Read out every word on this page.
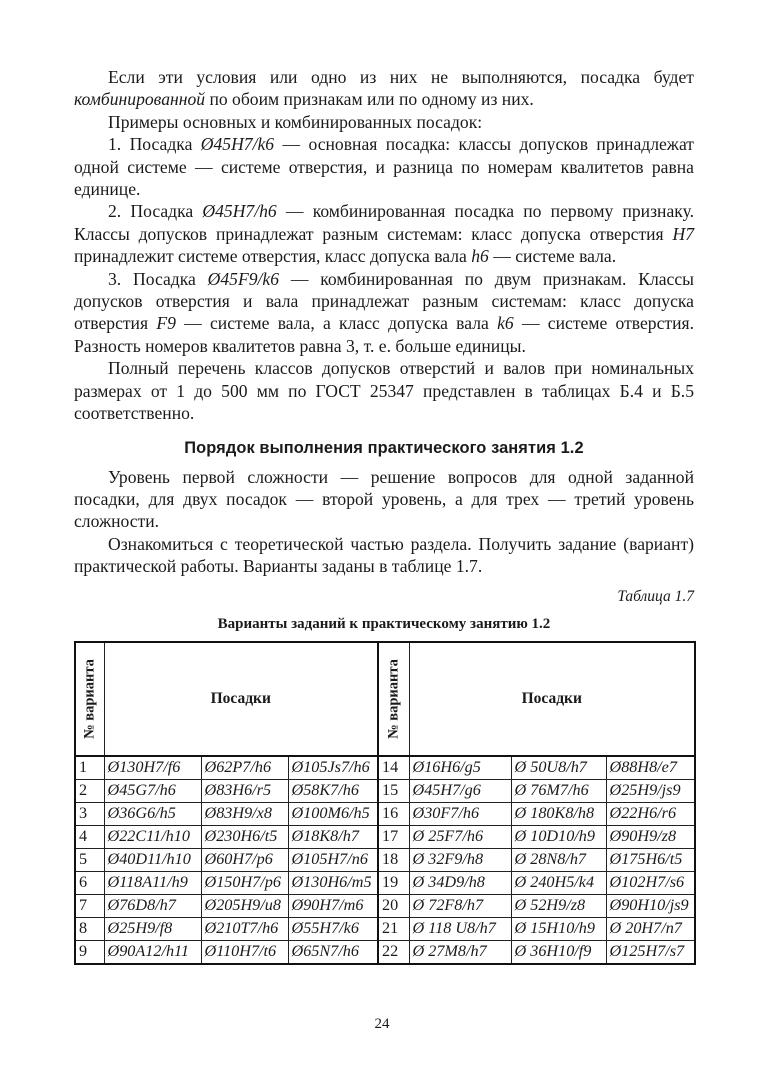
Если эти условия или одно из них не выполняются, посадка будет комбинированной по обоим признакам или по одному из них.

Примеры основных и комбинированных посадок:

1. Посадка Ø45H7/k6 — основная посадка: классы допусков принадлежат одной системе — системе отверстия, и разница по номерам квалитетов равна единице.

2. Посадка Ø45H7/h6 — комбинированная посадка по первому признаку. Классы допусков принадлежат разным системам: класс допуска отверстия H7 принадлежит системе отверстия, класс допуска вала h6 — системе вала.

3. Посадка Ø45F9/k6 — комбинированная по двум признакам. Классы допусков отверстия и вала принадлежат разным системам: класс допуска отверстия F9 — системе вала, а класс допуска вала k6 — системе отверстия. Разность номеров квалитетов равна 3, т. е. больше единицы.

Полный перечень классов допусков отверстий и валов при номинальных размерах от 1 до 500 мм по ГОСТ 25347 представлен в таблицах Б.4 и Б.5 соответственно.

Порядок выполнения практического занятия 1.2

Уровень первой сложности — решение вопросов для одной заданной посадки, для двух посадок — второй уровень, а для трех — третий уровень сложности.

Ознакомиться с теоретической частью раздела. Получить задание (вариант) практической работы. Варианты заданы в таблице 1.7.

Таблица 1.7
Варианты заданий к практическому занятию 1.2
№ варианта	Посадки			№ варианта	Посадки		
1	Ø130H7/f6	Ø62P7/h6	Ø105Js7/h6	14	Ø16H6/g5	Ø 50U8/h7	Ø88H8/e7
2	Ø45G7/h6	Ø83H6/r5	Ø58K7/h6	15	Ø45H7/g6	Ø 76M7/h6	Ø25H9/js9
3	Ø36G6/h5	Ø83H9/x8	Ø100M6/h5	16	Ø30F7/h6	Ø 180K8/h8	Ø22H6/r6
4	Ø22C11/h10	Ø230H6/t5	Ø18K8/h7	17	Ø 25F7/h6	Ø 10D10/h9	Ø90H9/z8
5	Ø40D11/h10	Ø60H7/p6	Ø105H7/n6	18	Ø 32F9/h8	Ø 28N8/h7	Ø175H6/t5
6	Ø118A11/h9	Ø150H7/p6	Ø130H6/m5	19	Ø 34D9/h8	Ø 240H5/k4	Ø102H7/s6
7	Ø76D8/h7	Ø205H9/u8	Ø90H7/m6	20	Ø 72F8/h7	Ø 52H9/z8	Ø90H10/js9
8	Ø25H9/f8	Ø210T7/h6	Ø55H7/k6	21	Ø 118 U8/h7	Ø 15H10/h9	Ø 20H7/n7
9	Ø90A12/h11	Ø110H7/t6	Ø65N7/h6	22	Ø 27M8/h7	Ø 36H10/f9	Ø125H7/s7
24
